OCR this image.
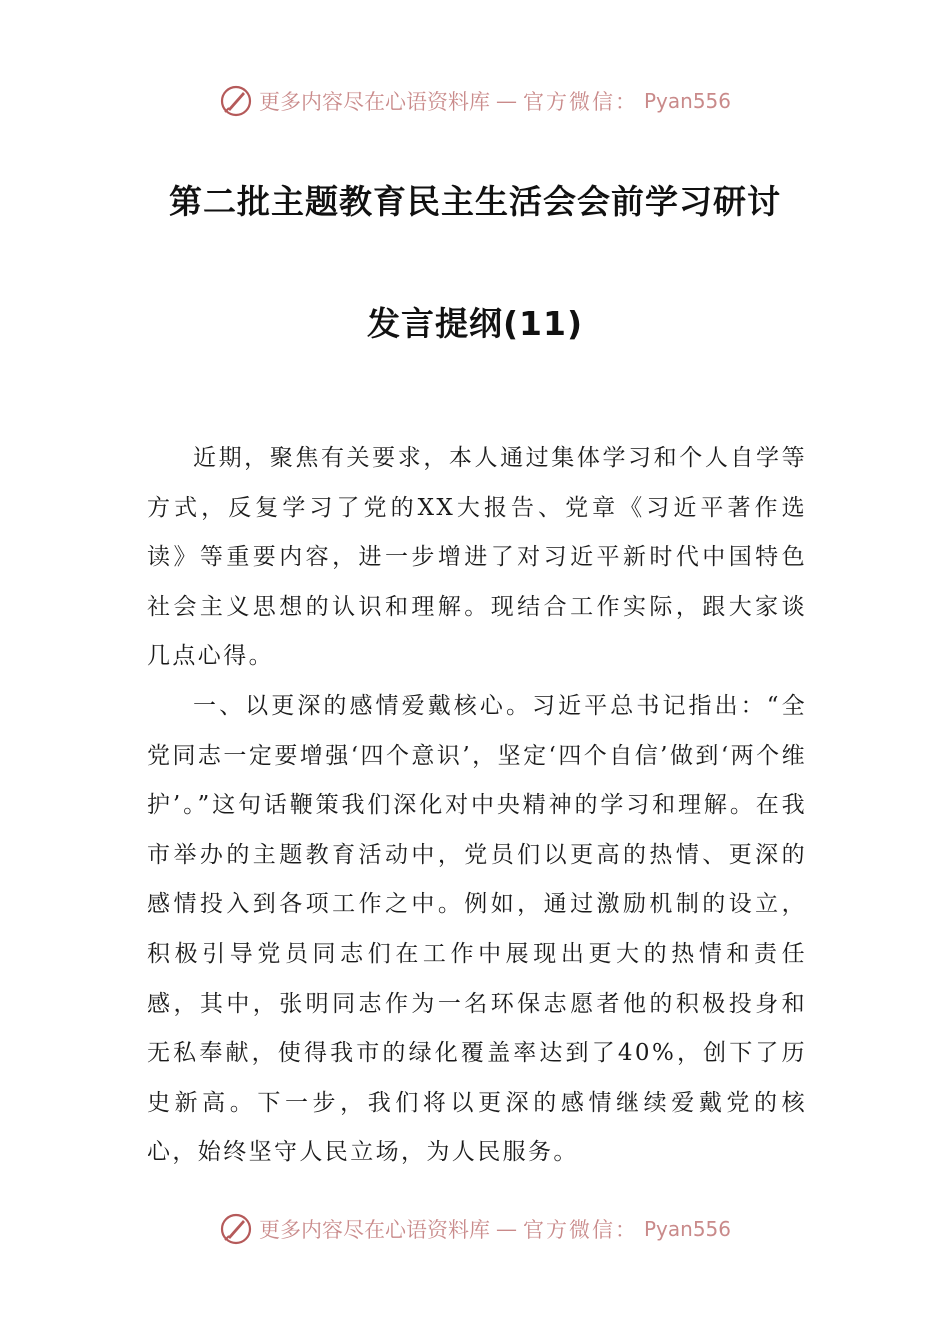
更多内容尽在心语资料库 — 官方微信： Pyan556
第二批主题教育民主生活会会前学习研讨
发言提纲(11)

近期，聚焦有关要求，本人通过集体学习和个人自学等方式，反复学习了党的XX大报告、党章《习近平著作选读》等重要内容，进一步增进了对习近平新时代中国特色社会主义思想的认识和理解。现结合工作实际，跟大家谈几点心得。

一、以更深的感情爱戴核心。习近平总书记指出：“全党同志一定要增强‘四个意识’，坚定‘四个自信’做到‘两个维护’。”这句话鞭策我们深化对中央精神的学习和理解。在我市举办的主题教育活动中，党员们以更高的热情、更深的感情投入到各项工作之中。例如，通过激励机制的设立，积极引导党员同志们在工作中展现出更大的热情和责任感，其中，张明同志作为一名环保志愿者他的积极投身和无私奉献，使得我市的绿化覆盖率达到了40%，创下了历史新高。下一步，我们将以更深的感情继续爱戴党的核心，始终坚守人民立场，为人民服务。

更多内容尽在心语资料库 — 官方微信： Pyan556
